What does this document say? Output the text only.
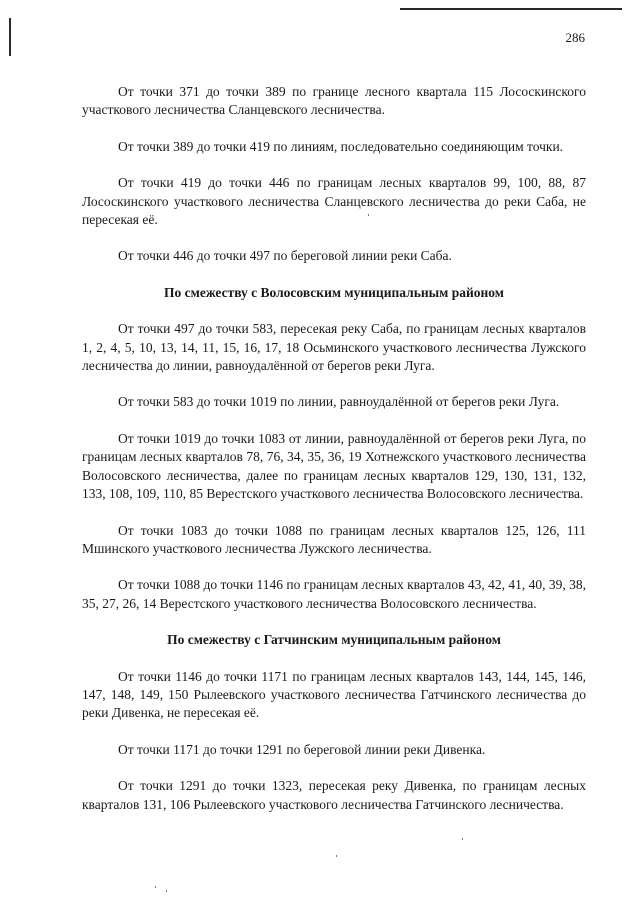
286

От точки 371 до точки 389 по границе лесного квартала 115 Лососкинского участкового лесничества Сланцевского лесничества.

От точки 389 до точки 419 по линиям, последовательно соединяющим точки.

От точки 419 до точки 446 по границам лесных кварталов 99, 100, 88, 87 Лососкинского участкового лесничества Сланцевского лесничества до реки Саба, не пересекая её.

От точки 446 до точки 497 по береговой линии реки Саба.

По смежеству с Волосовским муниципальным районом

От точки 497 до точки 583, пересекая реку Саба, по границам лесных кварталов 1, 2, 4, 5, 10, 13, 14, 11, 15, 16, 17, 18 Осьминского участкового лесничества Лужского лесничества до линии, равноудалённой от берегов реки Луга.

От точки 583 до точки 1019 по линии, равноудалённой от берегов реки Луга.

От точки 1019 до точки 1083 от линии, равноудалённой от берегов реки Луга, по границам лесных кварталов 78, 76, 34, 35, 36, 19 Хотнежского участкового лесничества Волосовского лесничества, далее по границам лесных кварталов 129, 130, 131, 132, 133, 108, 109, 110, 85 Верестского участкового лесничества Волосовского лесничества.

От точки 1083 до точки 1088 по границам лесных кварталов 125, 126, 111 Мшинского участкового лесничества Лужского лесничества.

От точки 1088 до точки 1146 по границам лесных кварталов 43, 42, 41, 40, 39, 38, 35, 27, 26, 14 Верестского участкового лесничества Волосовского лесничества.

По смежеству с Гатчинским муниципальным районом

От точки 1146 до точки 1171 по границам лесных кварталов 143, 144, 145, 146, 147, 148, 149, 150 Рылеевского участкового лесничества Гатчинского лесничества до реки Дивенка, не пересекая её.

От точки 1171 до точки 1291 по береговой линии реки Дивенка.

От точки 1291 до точки 1323, пересекая реку Дивенка, по границам лесных кварталов 131, 106 Рылеевского участкового лесничества Гатчинского лесничества.
